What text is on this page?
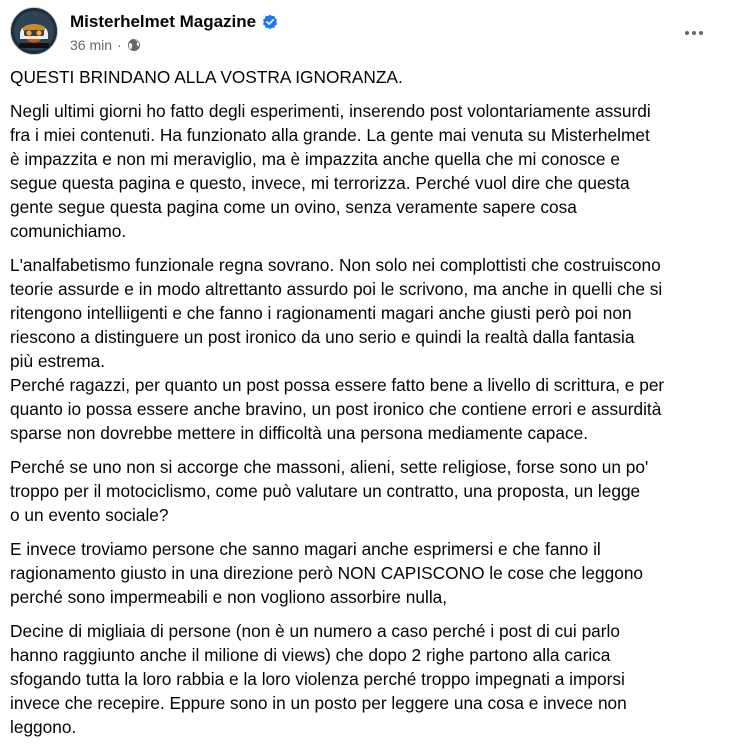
Misterhelmet Magazine
36 min ·

QUESTI BRINDANO ALLA VOSTRA IGNORANZA.

Negli ultimi giorni ho fatto degli esperimenti, inserendo post volontariamente assurdi
fra i miei contenuti. Ha funzionato alla grande. La gente mai venuta su Misterhelmet
è impazzita e non mi meraviglio, ma è impazzita anche quella che mi conosce e
segue questa pagina e questo, invece, mi terrorizza. Perché vuol dire che questa
gente segue questa pagina come un ovino, senza veramente sapere cosa
comunichiamo.

L'analfabetismo funzionale regna sovrano. Non solo nei complottisti che costruiscono
teorie assurde e in modo altrettanto assurdo poi le scrivono, ma anche in quelli che si
ritengono intelliigenti e che fanno i ragionamenti magari anche giusti però poi non
riescono a distinguere un post ironico da uno serio e quindi la realtà dalla fantasia
più estrema.
Perché ragazzi, per quanto un post possa essere fatto bene a livello di scrittura, e per
quanto io possa essere anche bravino, un post ironico che contiene errori e assurdità
sparse non dovrebbe mettere in difficoltà una persona mediamente capace.

Perché se uno non si accorge che massoni, alieni, sette religiose, forse sono un po'
troppo per il motociclismo, come può valutare un contratto, una proposta, un legge
o un evento sociale?

E invece troviamo persone che sanno magari anche esprimersi e che fanno il
ragionamento giusto in una direzione però NON CAPISCONO le cose che leggono
perché sono impermeabili e non vogliono assorbire nulla,

Decine di migliaia di persone (non è un numero a caso perché i post di cui parlo
hanno raggiunto anche il milione di views) che dopo 2 righe partono alla carica
sfogando tutta la loro rabbia e la loro violenza perché troppo impegnati a imporsi
invece che recepire. Eppure sono in un posto per leggere una cosa e invece non
leggono.
